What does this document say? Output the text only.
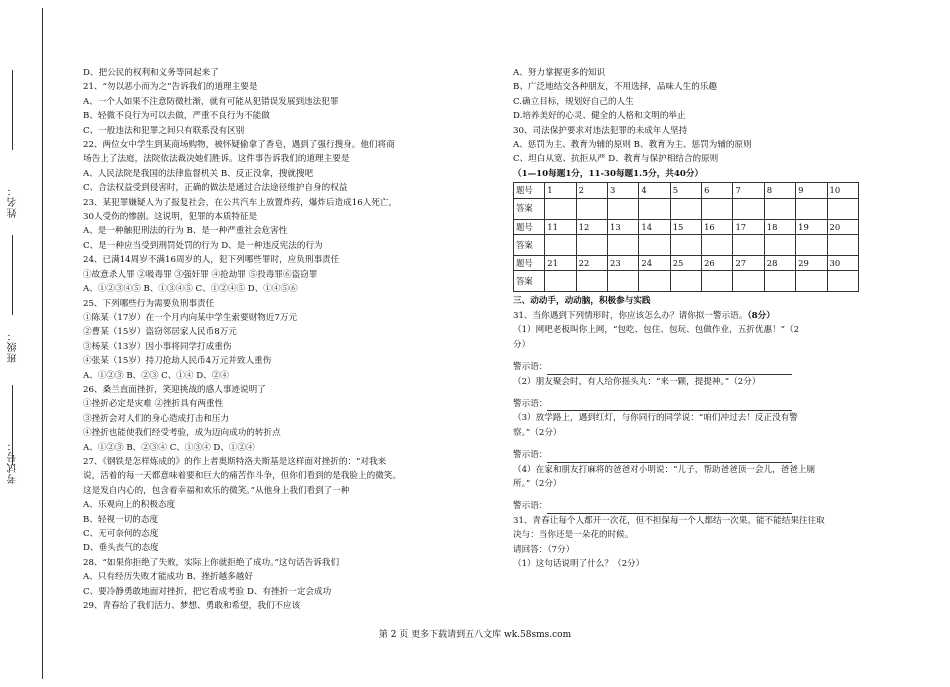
姓名：
班级：
考试号：

D、把公民的权利和义务等同起来了

21、“勿以恶小而为之”告诉我们的道理主要是

A、一个人如果不注意防微杜渐，就有可能从犯错误发展到违法犯罪

B、轻微不良行为可以去做，严重不良行为不能做

C、一般违法和犯罪之间只有联系没有区别

22、两位女中学生到某商场购物，被怀疑偷拿了香皂，遇到了强行搜身。他们将商

场告上了法庭，法院依法裁决她们胜诉。这件事告诉我们的道理主要是

A、人民法院是我国的法律监督机关 B、反正没拿，搜就搜吧

C、合法权益受到侵害时，正确的做法是通过合法途径维护自身的权益

23、某犯罪嫌疑人为了报复社会，在公共汽车上放置炸药，爆炸后造成16人死亡，

30人受伤的惨剧。这说明，犯罪的本质特征是

A、是一种触犯刑法的行为 B、是一种严重社会危害性

C、是一种应当受到刑罚处罚的行为 D、是一种违反宪法的行为

24、已满14周岁不满16周岁的人，犯下列哪些罪时，应负刑事责任

①故意杀人罪 ②吸毒罪 ③强奸罪 ④抢劫罪 ⑤投毒罪⑥盗窃罪

A、①②③④⑤ B、①③④⑤ C、①②④⑤ D、①④⑤⑥

25、下列哪些行为需要负刑事责任

①陈某（17岁）在一个月内向某中学生索要财物近7万元

②曹某（15岁）盗窃邻居家人民币8万元

③杨某（13岁）因小事将同学打成重伤

④张某（15岁）持刀抢劫人民币4万元并致人重伤

A、①②③ B、②③ C、①④ D、②④

26、桑兰直面挫折，笑迎挑战的感人事迹说明了

①挫折必定是灾难 ②挫折具有两重性

③挫折会对人们的身心造成打击和压力

④挫折也能使我们经受考验，成为迈向成功的转折点

A、①②③ B、②③④ C、①③④ D、①②④

27、《钢铁是怎样炼成的》的作上者奥斯特洛夫斯基是这样面对挫折的：“对我来

说，活着的每一天都意味着要和巨大的痛苦作斗争，但你们看到的是我脸上的微笑。

这是发自内心的，包含着幸福和欢乐的微笑。”从他身上我们看到了一种

A、乐观向上的积极态度

B、轻视一切的态度

C、无可奈何的态度

D、垂头丧气的态度

28、“如果你拒绝了失败，实际上你就拒绝了成功。”这句话告诉我们

A、只有经历失败才能成功 B、挫折越多越好

C、要冷静勇敢地面对挫折，把它看成考验 D、有挫折一定会成功

29、青春给了我们活力、梦想、勇敢和希望，我们不应该

A、努力掌握更多的知识

B、广泛地结交各种朋友，不用选择，品味人生的乐趣

C.确立目标，规划好自己的人生

D.培养美好的心灵、健全的人格和文明的举止

30、司法保护要求对违法犯罪的未成年人坚持

A、惩罚为主、教育为辅的原则 B、教育为主、惩罚为辅的原则

C、坦白从宽、抗拒从严 D、教育与保护相结合的原则

（1—10每题1分，11-30每题1.5分，共40分）

题号	1	2	3	4	5	6	7	8	9	10
答案										
题号	11	12	13	14	15	16	17	18	19	20
答案										
题号	21	22	23	24	25	26	27	28	29	30
答案										

三、动动手，动动脑，积极参与实践

31、当你遇到下列情形时，你应该怎么办？请你拟一警示语。（8分）

（1）网吧老板叫你上网，“包吃、包住、包玩、包做作业，五折优惠！”（2

分）

警示语：

（2）朋友聚会时，有人给你摇头丸：“来一颗，提提神。”（2分）

警示语：

（3）放学路上，遇到红灯，与你同行的同学说：“咱们冲过去！反正没有警

察。”（2分）

警示语：

（4）在家和朋友打麻将的爸爸对小明说：“儿子，帮助爸爸顶一会儿，爸爸上厕

所。”（2分）

警示语：

31、青春让每个人都开一次花，但不担保每一个人都结一次果。能不能结果往往取

决与：当你还是一朵花的时候。

请回答：（7分）

（1）这句话说明了什么？（2分）

第 2 页 更多下载请到五八文库 wk.58sms.com
